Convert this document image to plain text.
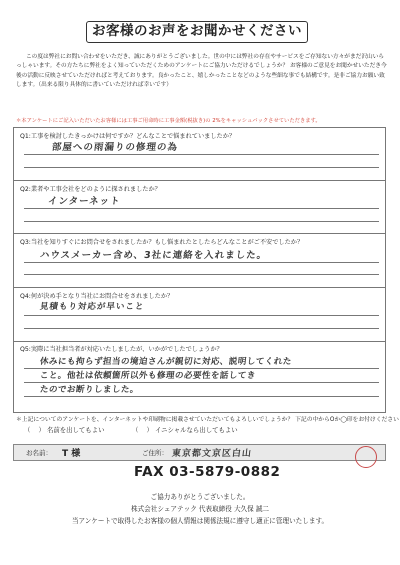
お客様のお声をお聞かせください
この度は弊社にお問い合わせをいただき、誠にありがとうございました。世の中には弊社の存在やサービスをご存知ない方々がまだ沢山いらっしゃいます。その方たちに弊社をよく知っていただくためのアンケートにご協力いただけるでしょうか？ お客様のご意見をお聞かせいただき今後の活動に反映させていただければと考えております。良かったこと、嬉しかったことなどのような些細な事でも結構です。是非ご協力お願い致します。（出来る限り具体的に書いていただければ幸いです）
＊本アンケートにご記入いただいたお客様には工事ご用命時に工事金額(税抜き)の 2%をキャッシュバックさせていただきます。
Q1:工事を検討したきっかけは何ですか？どんなことで悩まれていましたか？
部屋への雨漏りの修理の為
Q2:業者や工事会社をどのように探されましたか？
インターネット
Q3:当社を知りすぐにお問合せをされましたか？もし悩まれたとしたらどんなことがご不安でしたか？
ハウスメーカー含め、3社に連絡を入れました。
Q4:何が決め手となり当社にお問合せをされましたか？
見積もり対応が早いこと
Q5:実際に当社担当者が対応いたしましたが、いかがでしたでしょうか？
休みにも拘らず担当の境迫さんが親切に対応、説明してくれた
こと。他社は依頼箇所以外も修理の必要性を話してき
たのでお断りしました。
＊上記についてのアンケートを、インターネットや印刷物に掲載させていただいてもよろしいでしょうか？ 下記の中からOか◯印をお付けください
（    ） 名前を出してもよい	（    ） イニシャルなら出してもよい
お名前： T 様	ご住所： 東京都文京区白山
FAX 03-5879-0882
ご協力ありがとうございました。
株式会社シェアテック 代表取締役 大久保 誠二
当アンケートで取得したお客様の個人情報は関係法規に遵守し適正に管理いたします。
